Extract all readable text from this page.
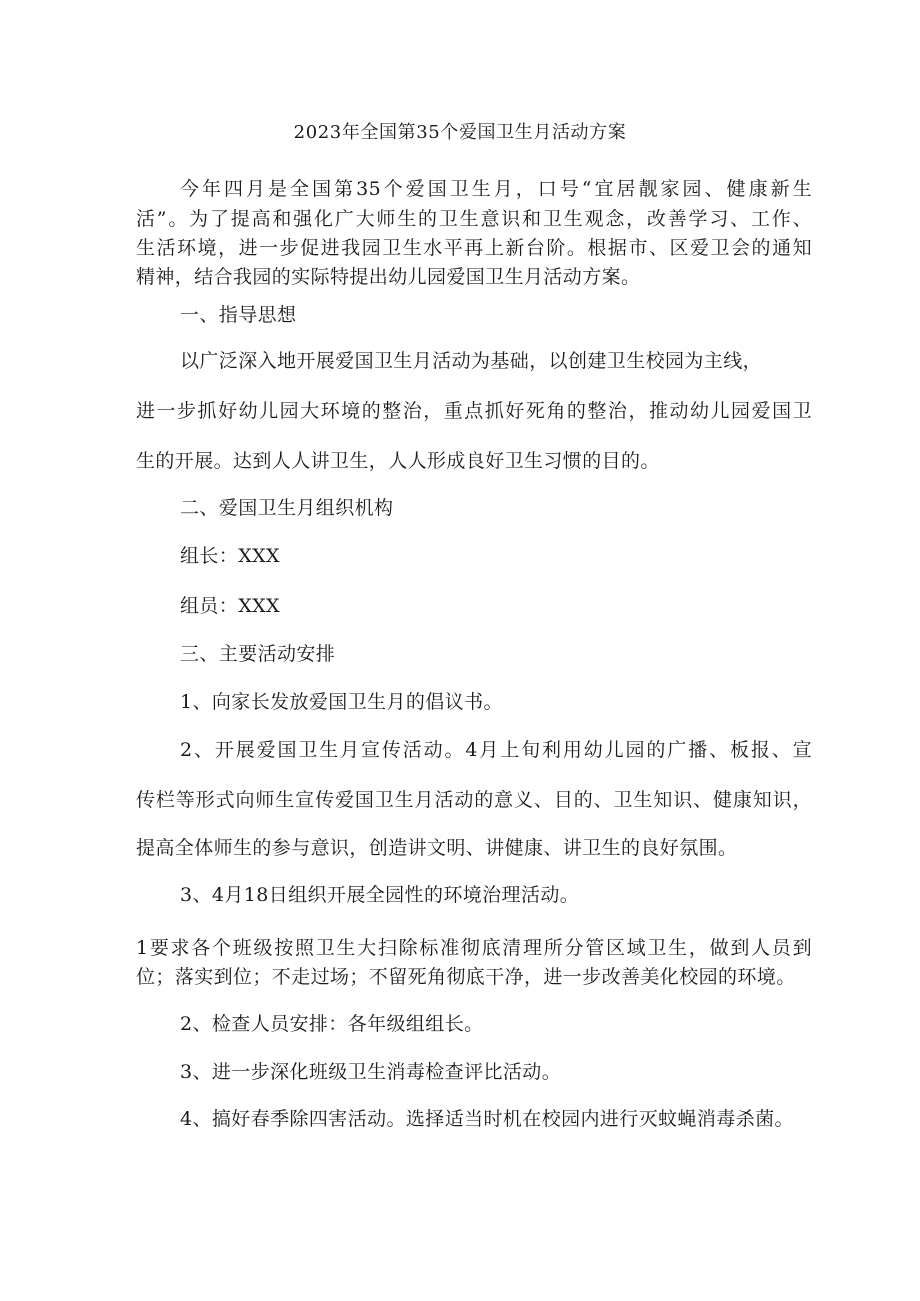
2023年全国第35个爱国卫生月活动方案

今年四月是全国第35个爱国卫生月，口号“宜居靓家园、健康新生

活”。为了提高和强化广大师生的卫生意识和卫生观念，改善学习、工作、

生活环境，进一步促进我园卫生水平再上新台阶。根据市、区爱卫会的通知

精神，结合我园的实际特提出幼儿园爱国卫生月活动方案。

一、指导思想

以广泛深入地开展爱国卫生月活动为基础，以创建卫生校园为主线，

进一步抓好幼儿园大环境的整治，重点抓好死角的整治，推动幼儿园爱国卫

生的开展。达到人人讲卫生，人人形成良好卫生习惯的目的。

二、爱国卫生月组织机构

组长：XXX

组员：XXX

三、主要活动安排

1、向家长发放爱国卫生月的倡议书。

2、开展爱国卫生月宣传活动。4月上旬利用幼儿园的广播、板报、宣

传栏等形式向师生宣传爱国卫生月活动的意义、目的、卫生知识、健康知识，

提高全体师生的参与意识，创造讲文明、讲健康、讲卫生的良好氛围。

3、4月18日组织开展全园性的环境治理活动。

1要求各个班级按照卫生大扫除标准彻底清理所分管区域卫生，做到人员到

位；落实到位；不走过场；不留死角彻底干净，进一步改善美化校园的环境。

2、检查人员安排：各年级组组长。

3、进一步深化班级卫生消毒检查评比活动。

4、搞好春季除四害活动。选择适当时机在校园内进行灭蚊蝇消毒杀菌。
